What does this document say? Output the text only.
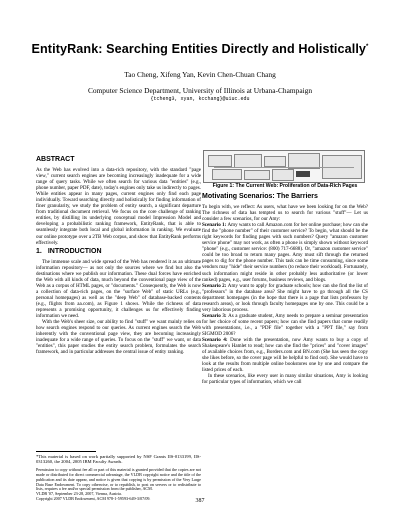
EntityRank: Searching Entities Directly and Holistically*
Tao Cheng, Xifeng Yan, Kevin Chen-Chuan Chang
Computer Science Department, University of Illinois at Urbana-Champaign
{tcheng3, xyan, kcchang}@uiuc.edu
ABSTRACT

As the Web has evolved into a data-rich repository, with the standard "page view," current search engines are becoming increasingly inadequate for a wide range of query tasks. While we often search for various data "entities" (e.g., phone number, paper PDF, date), today's engines only take us indirectly to pages. While entities appear in many pages, current engines only find each page individually. Toward searching directly and holistically for finding information of finer granularity, we study the problem of entity search, a significant departure from traditional document retrieval. We focus on the core challenge of ranking entities, by distilling its underlying conceptual model Impression Model and developing a probabilistic ranking framework, EntityRank, that is able to seamlessly integrate both local and global information in ranking. We evaluate our online prototype over a 2TB Web corpus, and show that EntityRank performs effectively.

1. INTRODUCTION

The immense scale and wide spread of the Web has rendered it as an ultimate information repository— as not only the sources where we find but also the destinations where we publish our information. These dual forces have enriched the Web with all kinds of data, much beyond the conventional page view of the Web as a corpus of HTML pages, or "documents." Consequently, the Web is now a collection of data-rich pages, on the "surface Web" of static URLs (e.g., personal homepages) as well as the "deep Web" of database-backed contents (e.g., flights from aa.com), as Figure 1 shows. While the richness of data represents a promising opportunity, it challenges us for effectively finding information we need.

With the Web's sheer size, our ability to find "stuff" we want mainly relies on how search engines respond to our queries. As current engines search the Web inherently with the conventional page view, they are becoming increasingly inadequate for a wide range of queries. To focus on the "stuff" we want, or data "entities", this paper studies the entity search problem, formulates the search framework, and in particular addresses the central issue of entity ranking.

*This material is based on work partially supported by NSF Grants IIS-0133199, IIS-0313260, the 2004, 2005 IBM Faculty Awards.

Permission to copy without fee all or part of this material is granted provided that the copies are not made or distributed for direct commercial advantage, the VLDB copyright notice and the title of the publication and its date appear, and notice is given that copying is by permission of the Very Large Data Base Endowment. To copy otherwise, or to republish, to post on servers or to redistribute to lists, requires a fee and/or special permission from the publisher, ACM.

VLDB '07, September 23-28, 2007, Vienna, Austria.

Copyright 2007 VLDB Endowment, ACM 978-1-59593-649-3/07/09.

Figure 1: The Current Web: Proliferation of Data-Rich Pages
Motivating Scenarios: The Barriers

To begin with, we reflect: As users, what have we been looking for on the Web? The richness of data has tempted us to search for various "stuff"— Let us consider a few scenarios, for our Amy:

Scenario 1: Amy wants to call Amazon.com for her online purchase; how can she find the "phone number" of their customer service? To begin, what should be the right keywords for finding pages with such numbers? Query "amazon customer service phone" may not work, as often a phone is simply shown without keyword "phone" (e.g., customer service: (800) 717-6688). Or, "amazon customer service" could be too broad to return many pages. Amy must sift through the returned pages to dig for the phone number. This task can be time consuming, since some vendors may "hide" their service numbers (to reduce their workload). Fortunately, such information might reside in other probably less authoritative (or lower ranked) pages, e.g., user forums, business reviews, and blogs.

Scenario 2: Amy want to apply for graduate schools; how can she find the list of "professors" in the database area? She might have to go through all the CS department homepages (in the hope that there is a page that lists professors by research areas), or look through faculty homepages one by one. This could be a very laborious process.

Scenario 3: As a graduate student, Amy needs to prepare a seminar presentation for her choice of some recent papers; how can she find papers that come readily with presentations, i.e., a "PDF file" together with a "PPT file," say from SIGMOD 2006?

Scenario 4: Done with the presentation, now Amy wants to buy a copy of Shakespeare's Hamlet to read; how can she find the "prices" and "cover images" of available choices from, e.g., Borders.com and BN.com (She has seen the copy she likes before, so the cover page will be helpful to find out). She would have to look at the results from multiple online bookstores one by one and compare the listed prices of each.

In these scenarios, like every user in many similar situations, Amy is looking for particular types of information, which we call

387
